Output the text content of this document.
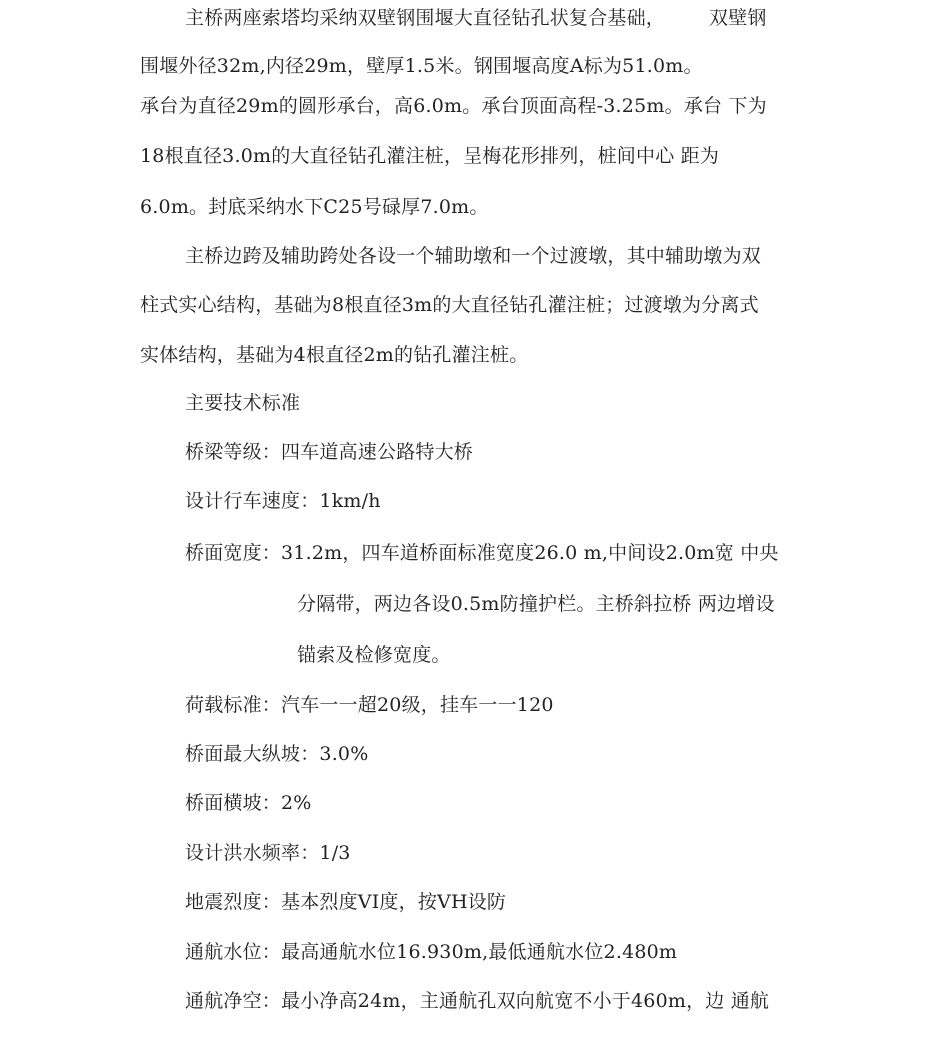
主桥两座索塔均采纳双壁钢围堰大直径钻孔状复合基础， 双壁钢
围堰外径32m,内径29m，壁厚1.5米。钢围堰高度A标为51.0m。
承台为直径29m的圆形承台，高6.0m。承台顶面高程-3.25m。承台 下为
18根直径3.0m的大直径钻孔灌注桩，呈梅花形排列，桩间中心 距为
6.0m。封底采纳水下C25号碌厚7.0m。
主桥边跨及辅助跨处各设一个辅助墩和一个过渡墩，其中辅助墩为双
柱式实心结构，基础为8根直径3m的大直径钻孔灌注桩；过渡墩为分离式
实体结构，基础为4根直径2m的钻孔灌注桩。
主要技术标准
桥梁等级：四车道高速公路特大桥
设计行车速度：1km/h
桥面宽度：31.2m，四车道桥面标准宽度26.0 m,中间设2.0m宽 中央
分隔带，两边各设0.5m防撞护栏。主桥斜拉桥 两边增设
锚索及检修宽度。
荷载标准：汽车一一超20级，挂车一一120
桥面最大纵坡：3.0%
桥面横坡：2%
设计洪水频率：1/3
地震烈度：基本烈度VI度，按VH设防
通航水位：最高通航水位16.930m,最低通航水位2.480m
通航净空：最小净高24m，主通航孔双向航宽不小于460m，边 通航
